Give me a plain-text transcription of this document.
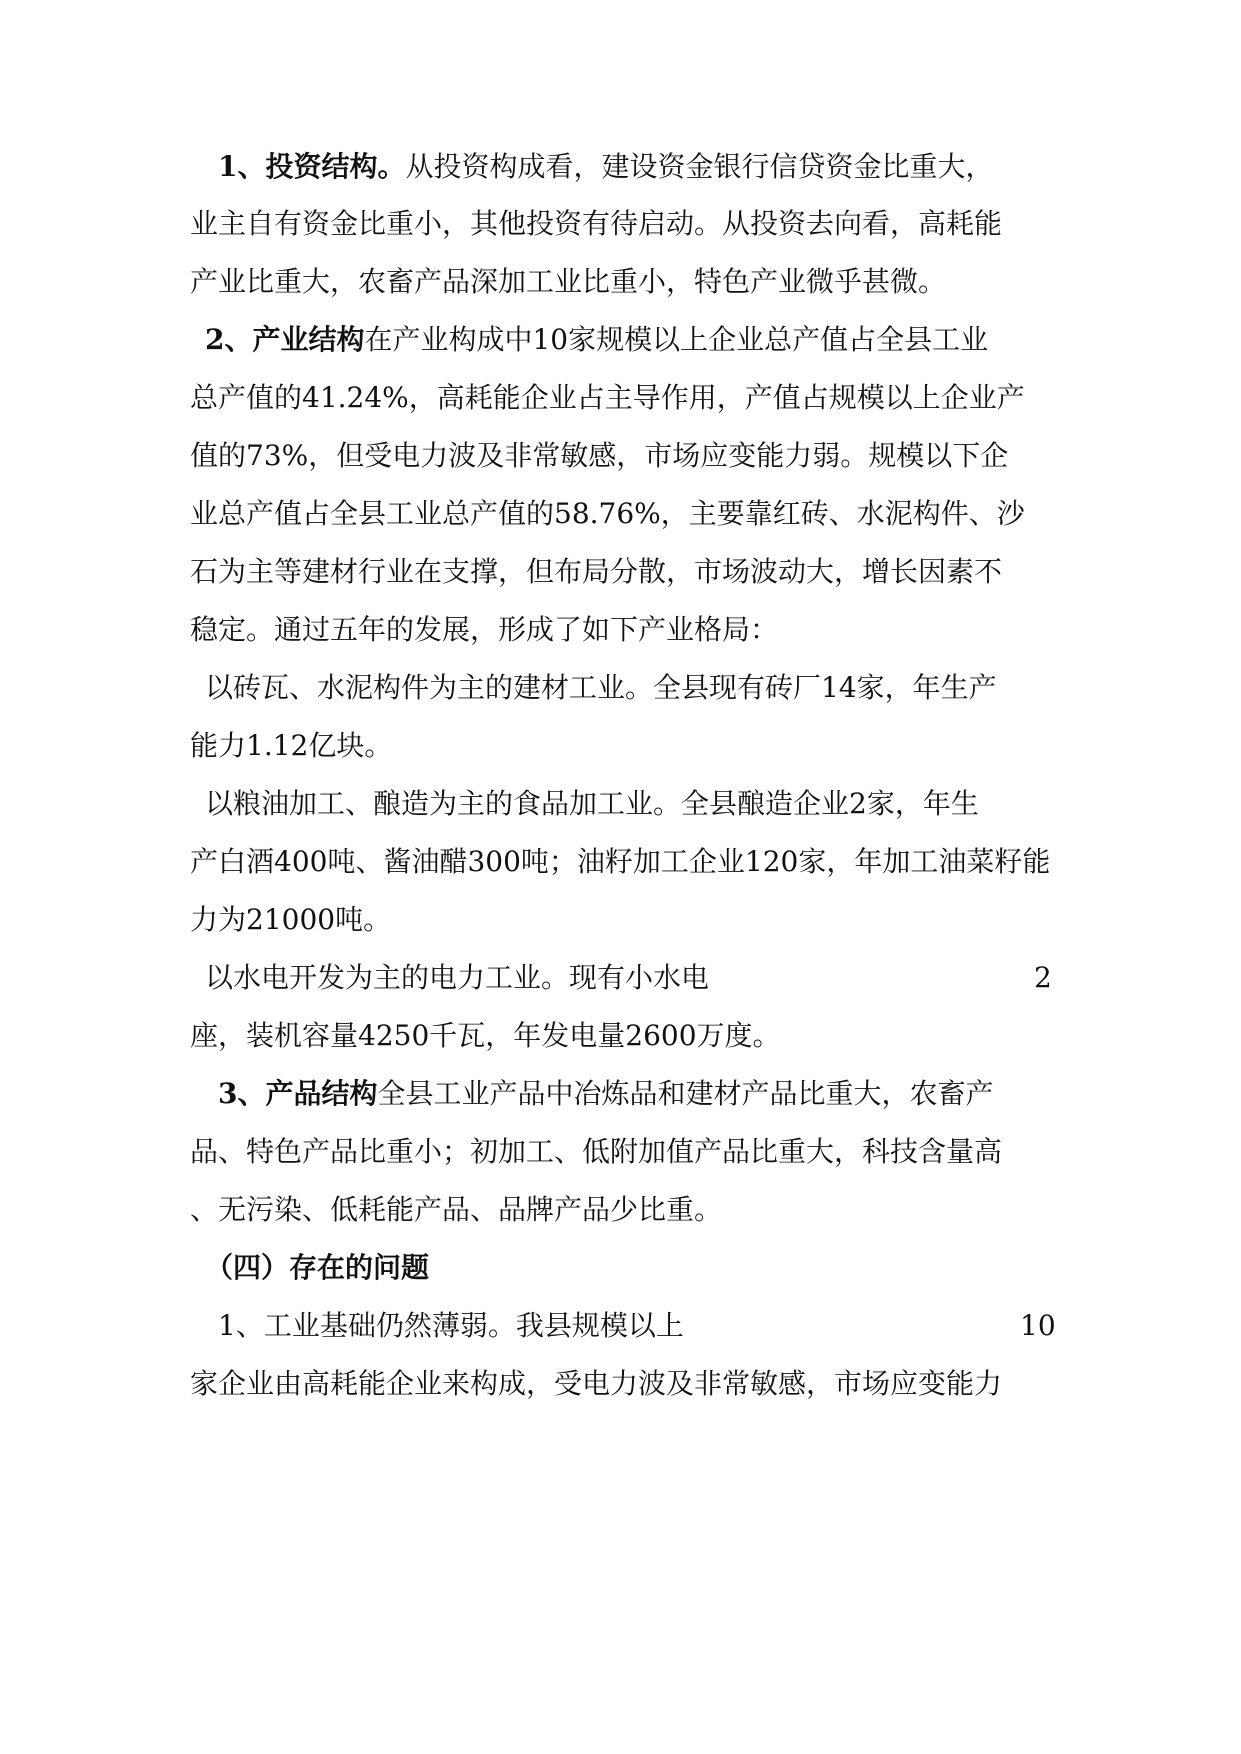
1、投资结构。从投资构成看，建设资金银行信贷资金比重大，
业主自有资金比重小，其他投资有待启动。从投资去向看，高耗能
产业比重大，农畜产品深加工业比重小，特色产业微乎甚微。
2、产业结构在产业构成中10家规模以上企业总产值占全县工业
总产值的41.24%，高耗能企业占主导作用，产值占规模以上企业产
值的73%，但受电力波及非常敏感，市场应变能力弱。规模以下企
业总产值占全县工业总产值的58.76%，主要靠红砖、水泥构件、沙
石为主等建材行业在支撑，但布局分散，市场波动大，增长因素不
稳定。通过五年的发展，形成了如下产业格局：
以砖瓦、水泥构件为主的建材工业。全县现有砖厂14家，年生产
能力1.12亿块。
以粮油加工、酿造为主的食品加工业。全县酿造企业2家，年生
产白酒400吨、酱油醋300吨；油籽加工企业120家，年加工油菜籽能
力为21000吨。
以水电开发为主的电力工业。现有小水电	2
座，装机容量4250千瓦，年发电量2600万度。
3、产品结构全县工业产品中冶炼品和建材产品比重大，农畜产
品、特色产品比重小；初加工、低附加值产品比重大，科技含量高
、无污染、低耗能产品、品牌产品少比重。
（四）存在的问题
1、工业基础仍然薄弱。我县规模以上	10
家企业由高耗能企业来构成，受电力波及非常敏感，市场应变能力
